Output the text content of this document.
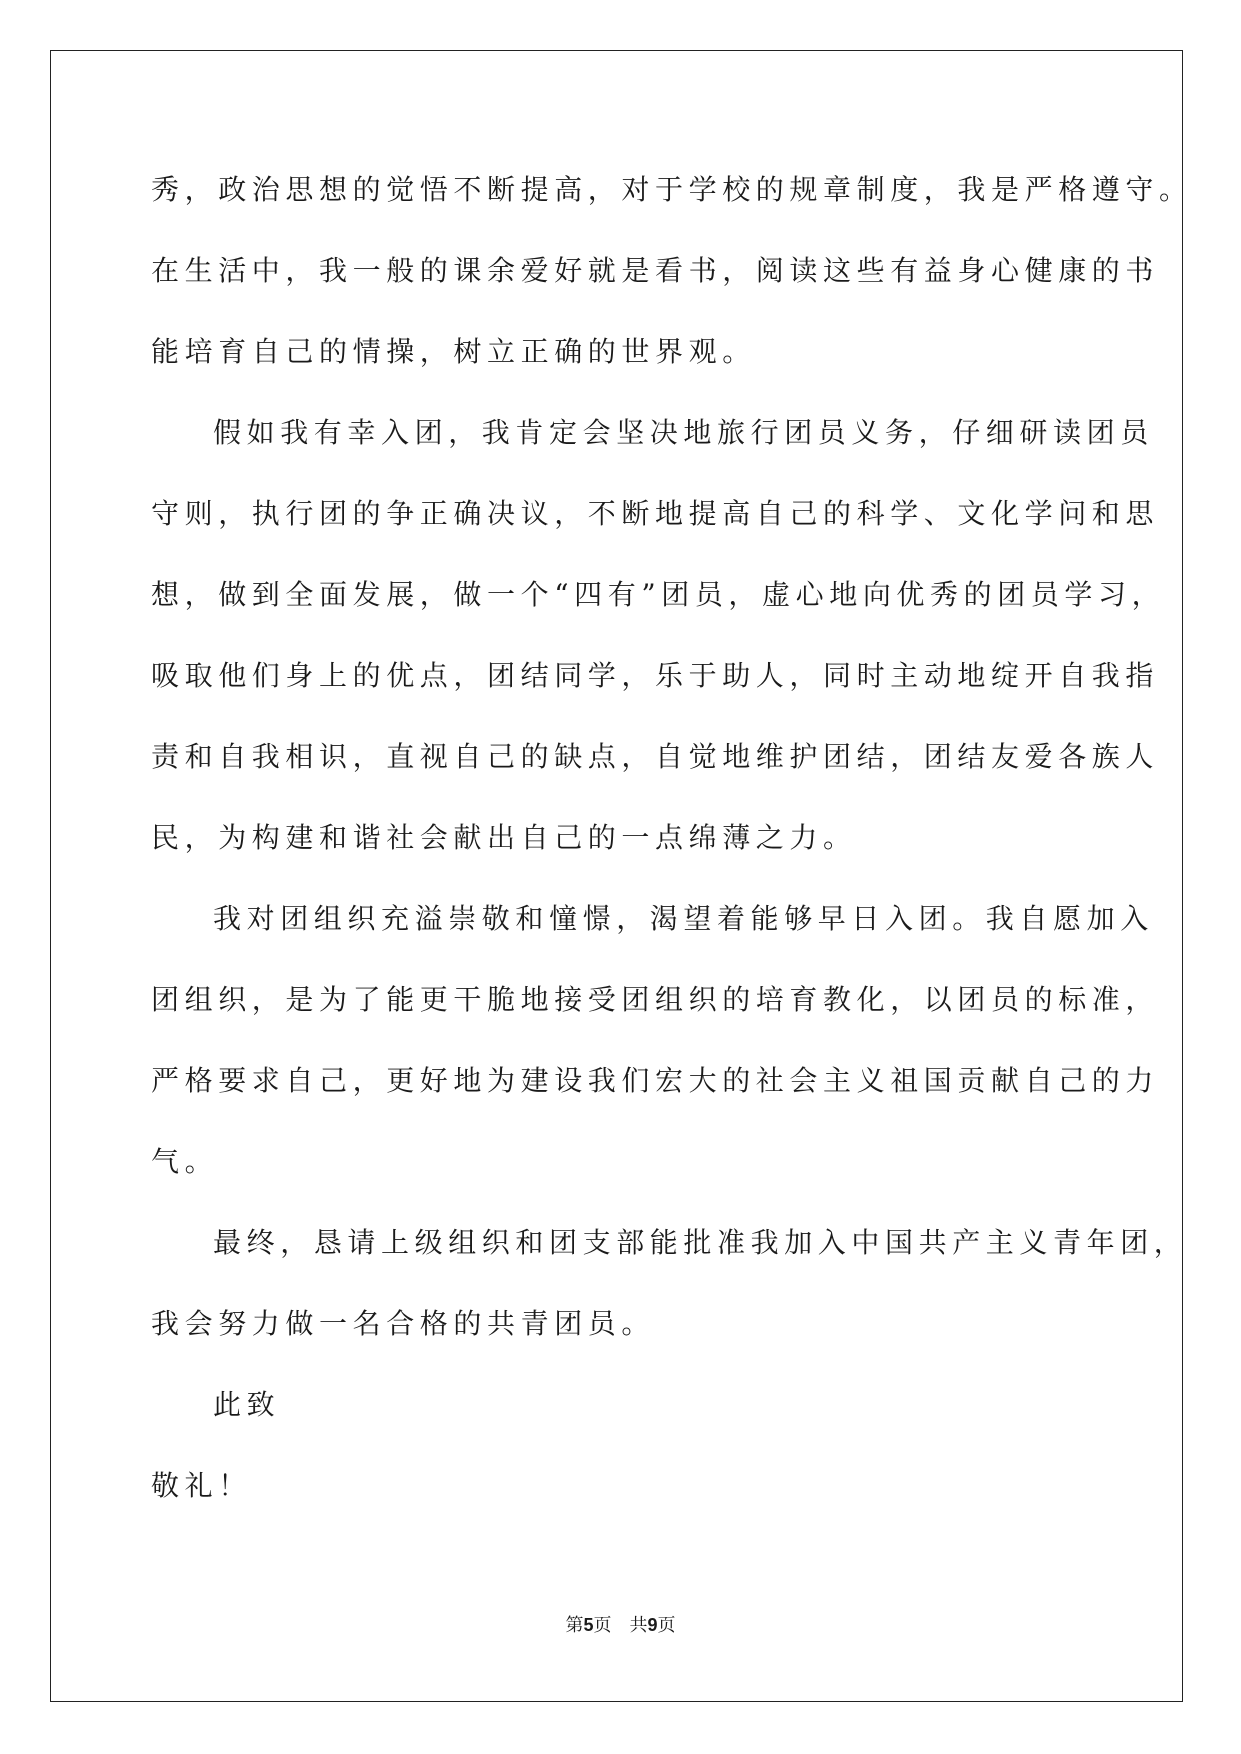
秀，政治思想的觉悟不断提高，对于学校的规章制度，我是严格遵守。
在生活中，我一般的课余爱好就是看书，阅读这些有益身心健康的书
能培育自己的情操，树立正确的世界观。
假如我有幸入团，我肯定会坚决地旅行团员义务，仔细研读团员
守则，执行团的争正确决议，不断地提高自己的科学、文化学问和思
想，做到全面发展，做一个“四有”团员，虚心地向优秀的团员学习，
吸取他们身上的优点，团结同学，乐于助人，同时主动地绽开自我指
责和自我相识，直视自己的缺点，自觉地维护团结，团结友爱各族人
民，为构建和谐社会献出自己的一点绵薄之力。
我对团组织充溢崇敬和憧憬，渴望着能够早日入团。我自愿加入
团组织，是为了能更干脆地接受团组织的培育教化，以团员的标准，
严格要求自己，更好地为建设我们宏大的社会主义祖国贡献自己的力
气。
最终，恳请上级组织和团支部能批准我加入中国共产主义青年团，
我会努力做一名合格的共青团员。
此致
敬礼！
第5页 共9页
